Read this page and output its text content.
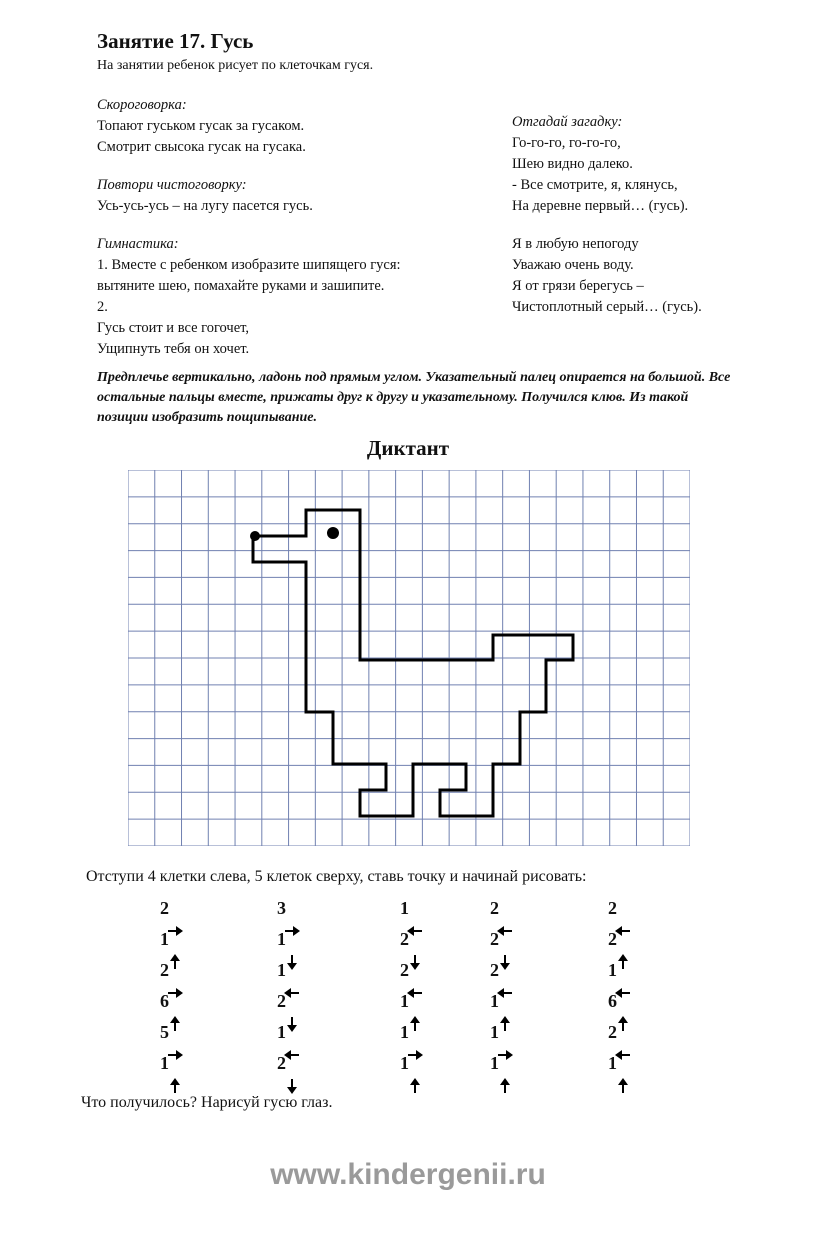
Занятие 17. Гусь
На занятии ребенок рисует по клеточкам гуся.

Скороговорка:

Топают гуськом гусак за гусаком.

Смотрит свысока гусак на гусака.

Повтори чистоговорку:

Усь-усь-усь – на лугу пасется гусь.

Гимнастика:

1. Вместе с ребенком изобразите шипящего гуся:

вытяните шею, помахайте руками и зашипите.

2.

Гусь стоит и все гогочет,

Ущипнуть тебя он хочет.

Отгадай загадку:

Го-го-го, го-го-го,

Шею видно далеко.

- Все смотрите, я, клянусь,

На деревне первый… (гусь).

Я в любую непогоду

Уважаю очень воду.

Я от грязи берегусь –

Чистоплотный серый… (гусь).

Предплечье вертикально, ладонь под прямым углом. Указательный палец опирается на большой. Все остальные пальцы вместе, прижаты друг к другу и указательному. Получился клюв. Из такой позиции изобразить пощипывание.
Диктант
Отступи 4 клетки слева, 5 клеток сверху, ставь точку и начинай рисовать:
2
1
2
6
5
1
3
1
1
2
1
2
1
2
2
1
1
1
2
2
2
1
1
1
2
2
1
6
2
1
Что получилось? Нарисуй гусю глаз.
www.kindergenii.ru
